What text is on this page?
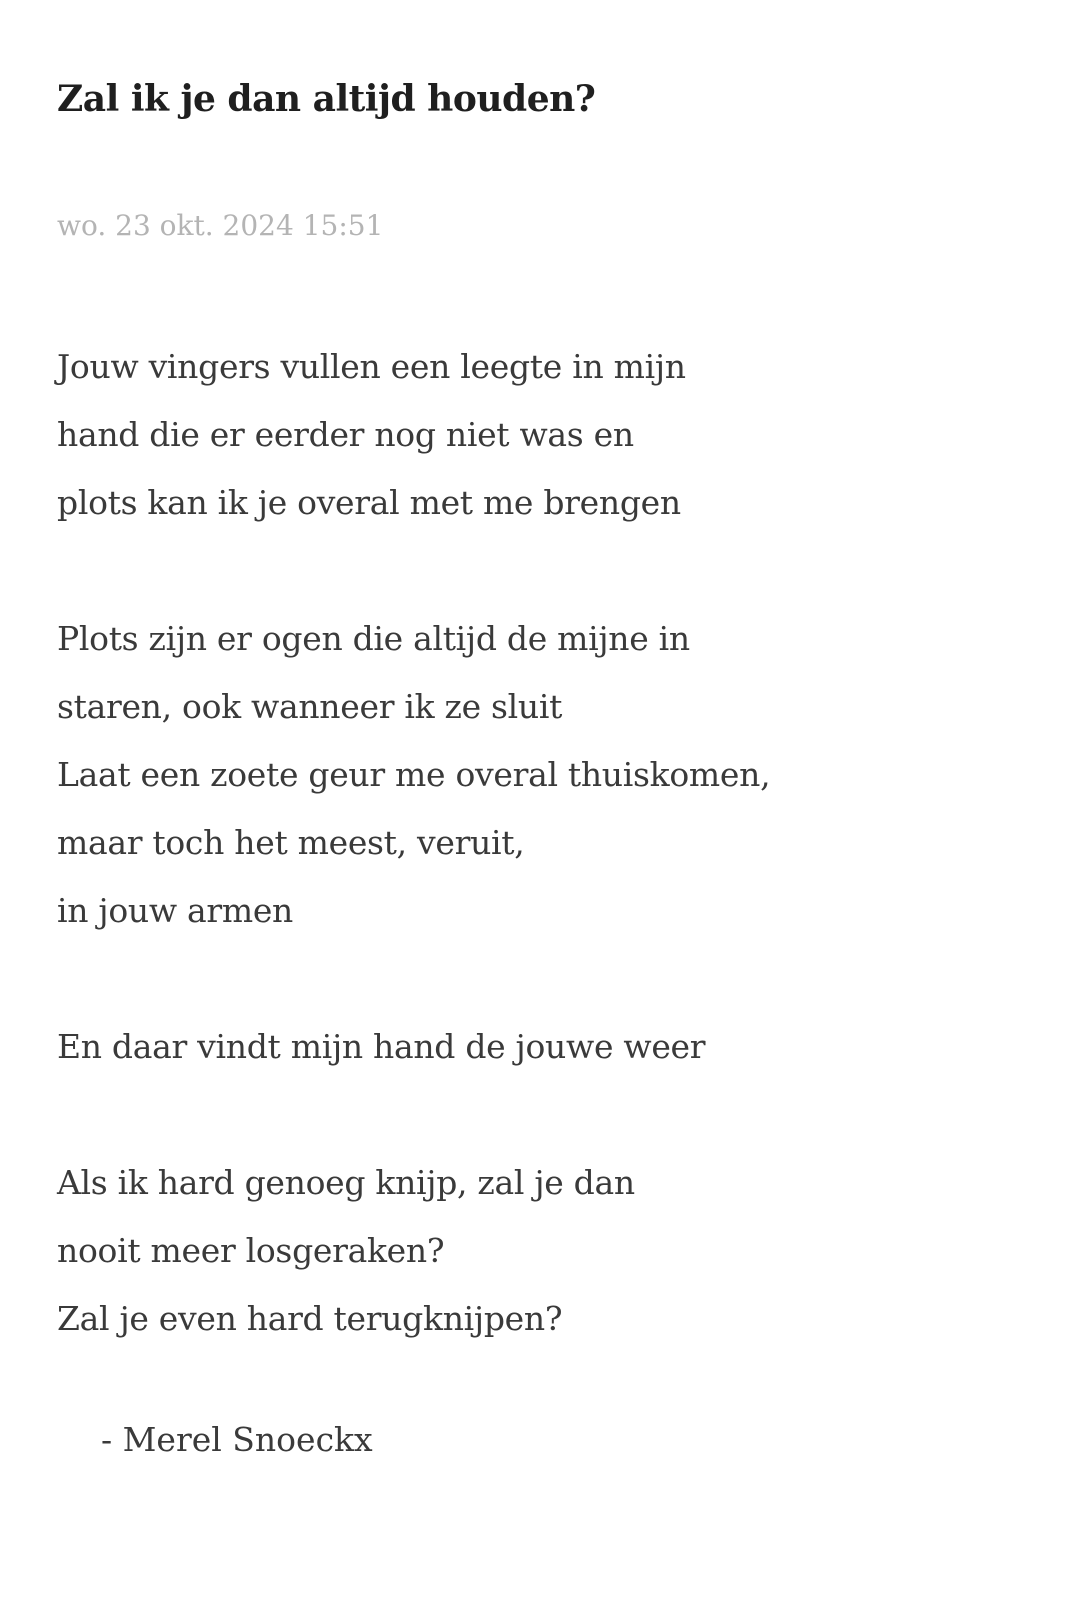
Zal ik je dan altijd houden?
wo. 23 okt. 2024 15:51
Jouw vingers vullen een leegte in mijn
hand die er eerder nog niet was en
plots kan ik je overal met me brengen
Plots zijn er ogen die altijd de mijne in
staren, ook wanneer ik ze sluit
Laat een zoete geur me overal thuiskomen,
maar toch het meest, veruit,
in jouw armen
En daar vindt mijn hand de jouwe weer
Als ik hard genoeg knijp, zal je dan
nooit meer losgeraken?
Zal je even hard terugknijpen?
- Merel Snoeckx
